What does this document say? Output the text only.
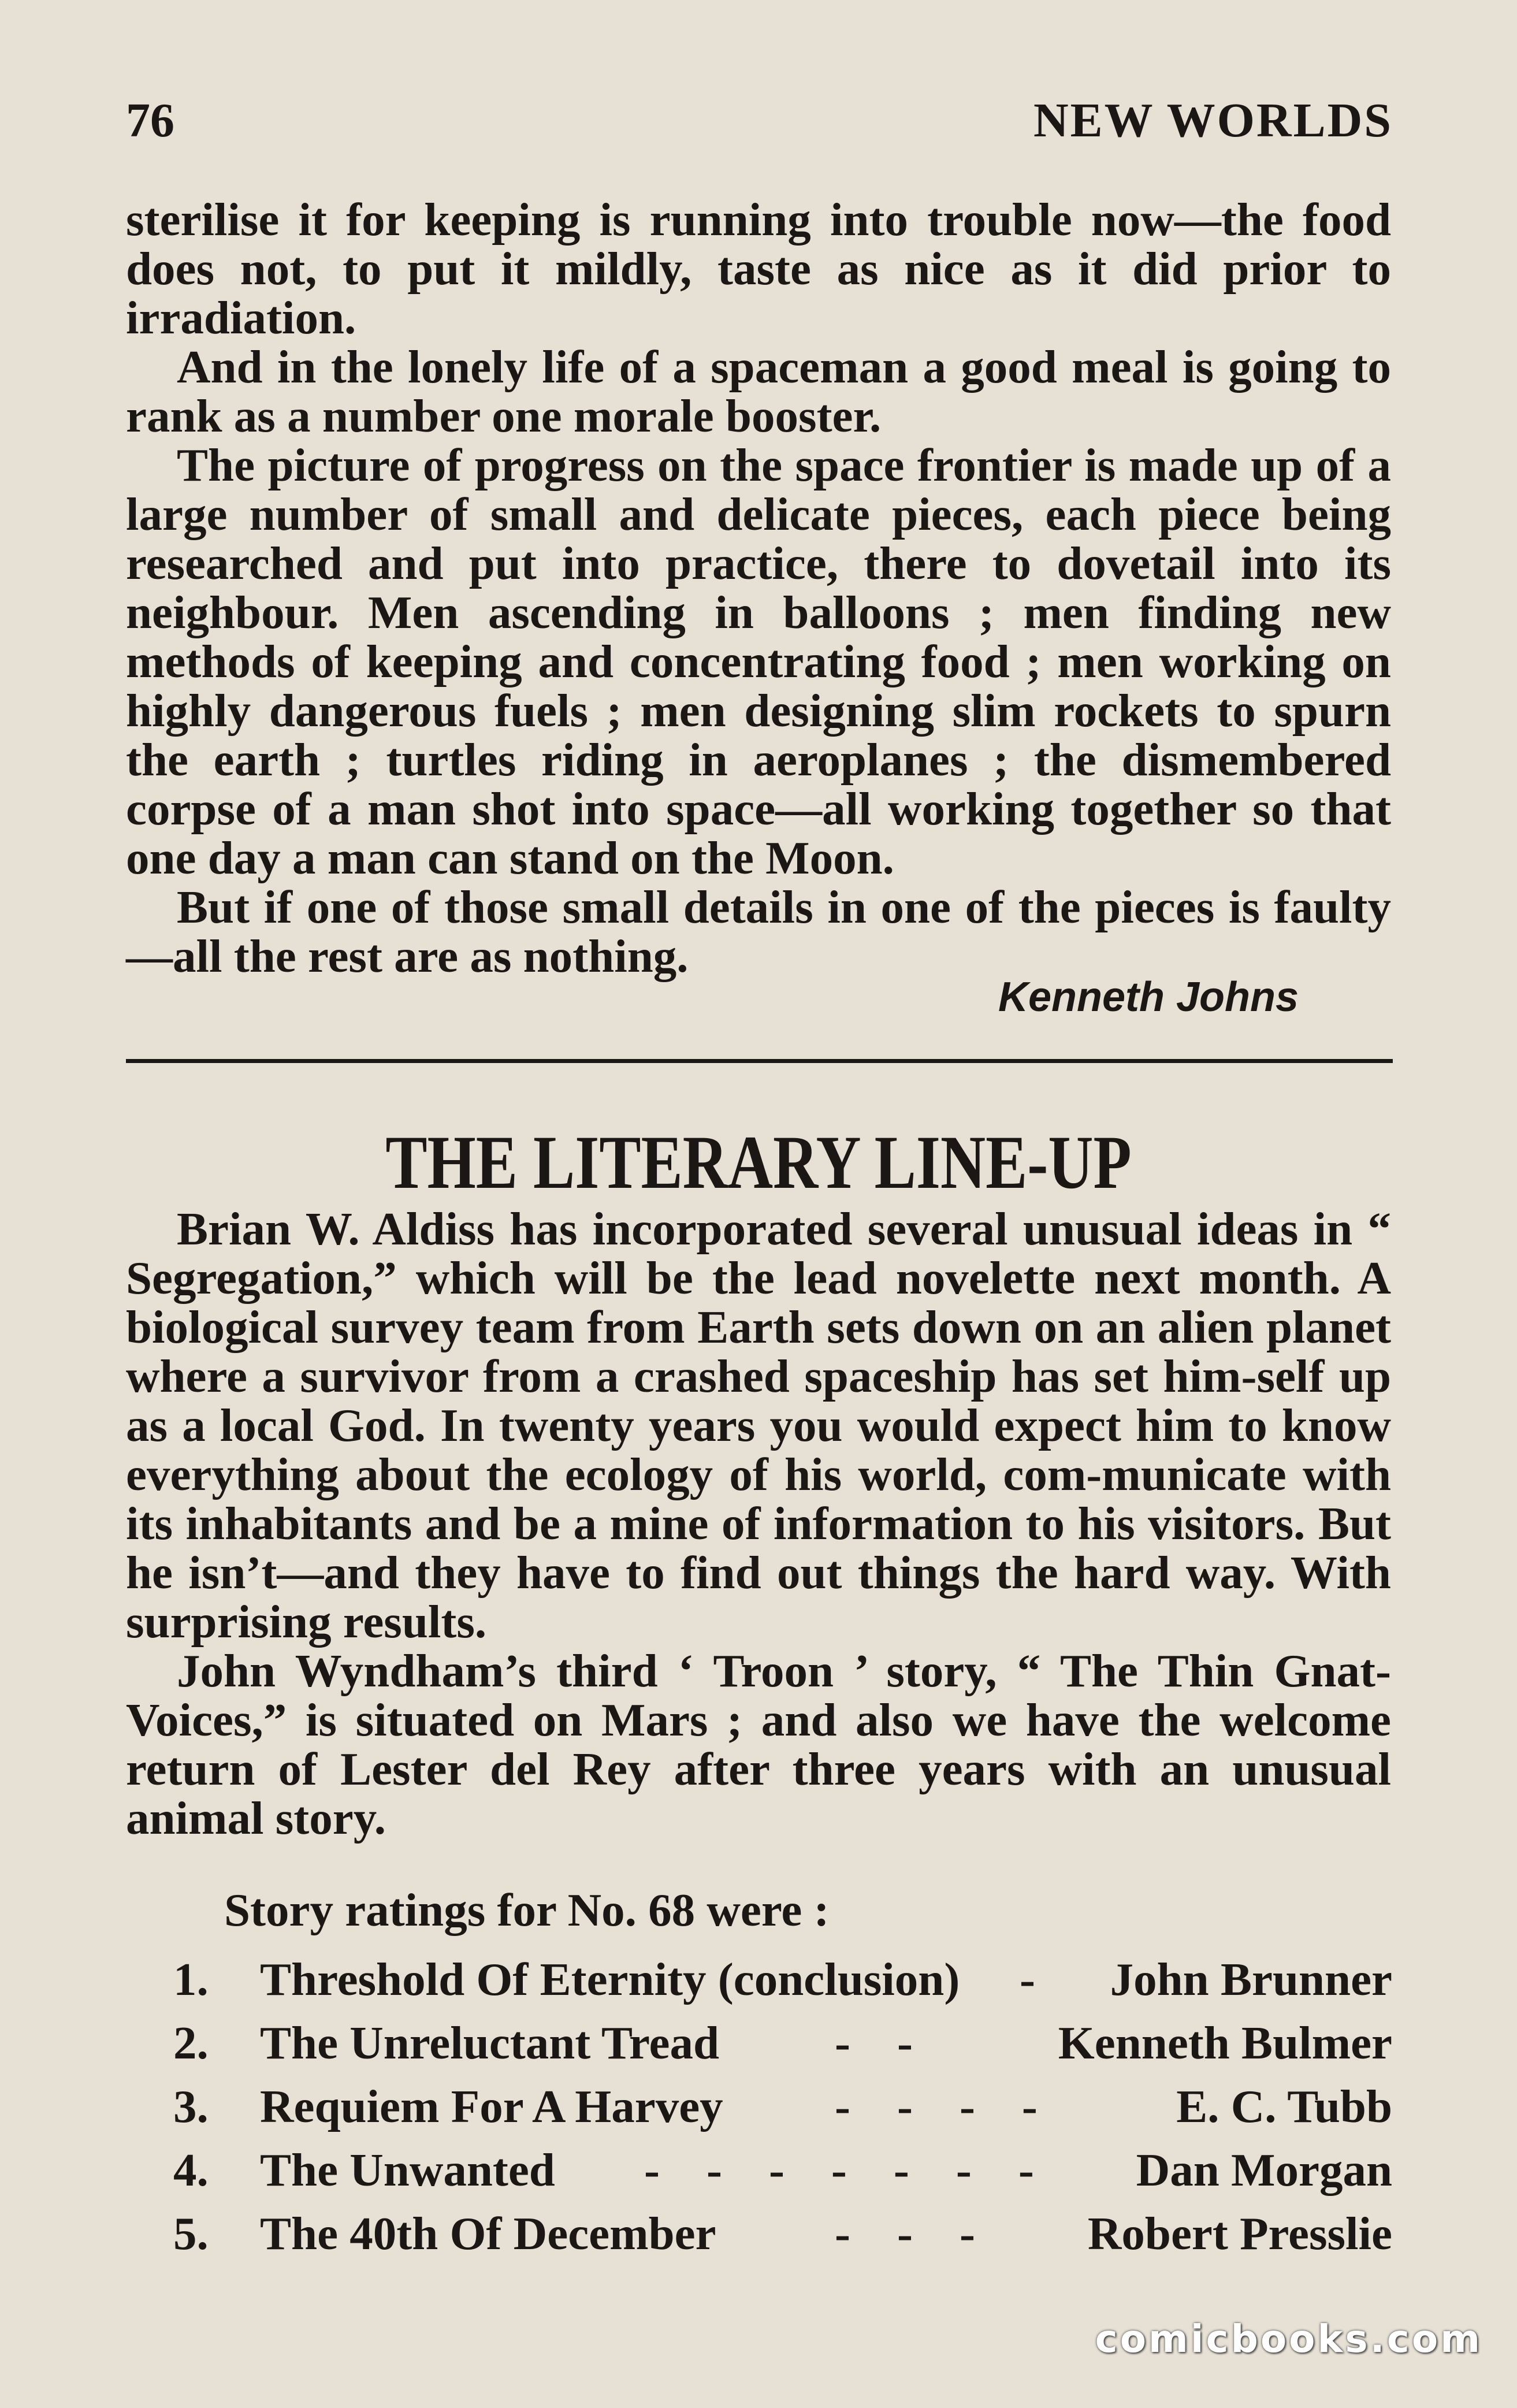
76	NEW WORLDS

sterilise it for keeping is running into trouble now—the food does not, to put it mildly, taste as nice as it did prior to irradiation.

And in the lonely life of a spaceman a good meal is going to rank as a number one morale booster.

The picture of progress on the space frontier is made up of a large number of small and delicate pieces, each piece being researched and put into practice, there to dovetail into its neighbour. Men ascending in balloons ; men finding new methods of keeping and concentrating food ; men working on highly dangerous fuels ; men designing slim rockets to spurn the earth ; turtles riding in aeroplanes ; the dismembered corpse of a man shot into space—all working together so that one day a man can stand on the Moon.

But if one of those small details in one of the pieces is faulty —all the rest are as nothing.

Kenneth Johns
THE LITERARY LINE-UP

Brian W. Aldiss has incorporated several unusual ideas in “ Segregation,” which will be the lead novelette next month. A biological survey team from Earth sets down on an alien planet where a survivor from a crashed spaceship has set him-self up as a local God. In twenty years you would expect him to know everything about the ecology of his world, com-municate with its inhabitants and be a mine of information to his visitors. But he isn’t—and they have to find out things the hard way. With surprising results.

John Wyndham’s third ‘ Troon ’ story, “ The Thin Gnat-Voices,” is situated on Mars ; and also we have the welcome return of Lester del Rey after three years with an unusual animal story.

Story ratings for No. 68 were :
1. Threshold Of Eternity (conclusion) - John Brunner
2. The Unreluctant Tread -    -	Kenneth Bulmer
3. Requiem For A Harvey -    -    -    -	E. C. Tubb
4. The Unwanted -    -    -    -    -    -    - Dan Morgan
5. The 40th Of December	-    -    - Robert Presslie
comicbooks.com
